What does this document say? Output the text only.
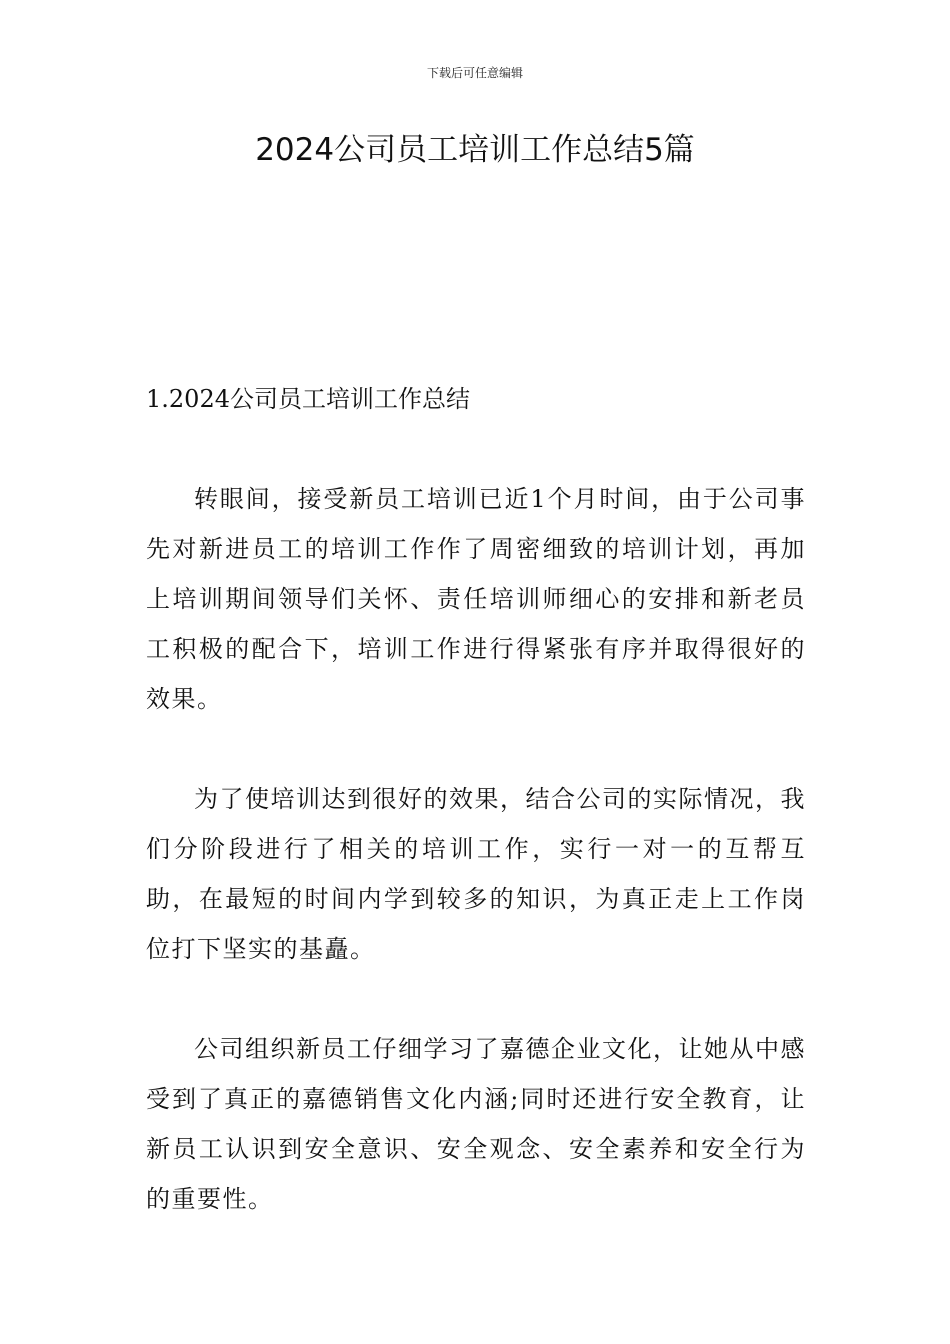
下载后可任意编辑
2024公司员工培训工作总结5篇
1.2024公司员工培训工作总结

转眼间，接受新员工培训已近1个月时间，由于公司事先对新进员工的培训工作作了周密细致的培训计划，再加上培训期间领导们关怀、责任培训师细心的安排和新老员工积极的配合下，培训工作进行得紧张有序并取得很好的效果。

为了使培训达到很好的效果，结合公司的实际情况，我们分阶段进行了相关的培训工作，实行一对一的互帮互助，在最短的时间内学到较多的知识，为真正走上工作岗位打下坚实的基矗。

公司组织新员工仔细学习了嘉德企业文化，让她从中感受到了真正的嘉德销售文化内涵;同时还进行安全教育，让新员工认识到安全意识、安全观念、安全素养和安全行为的重要性。
